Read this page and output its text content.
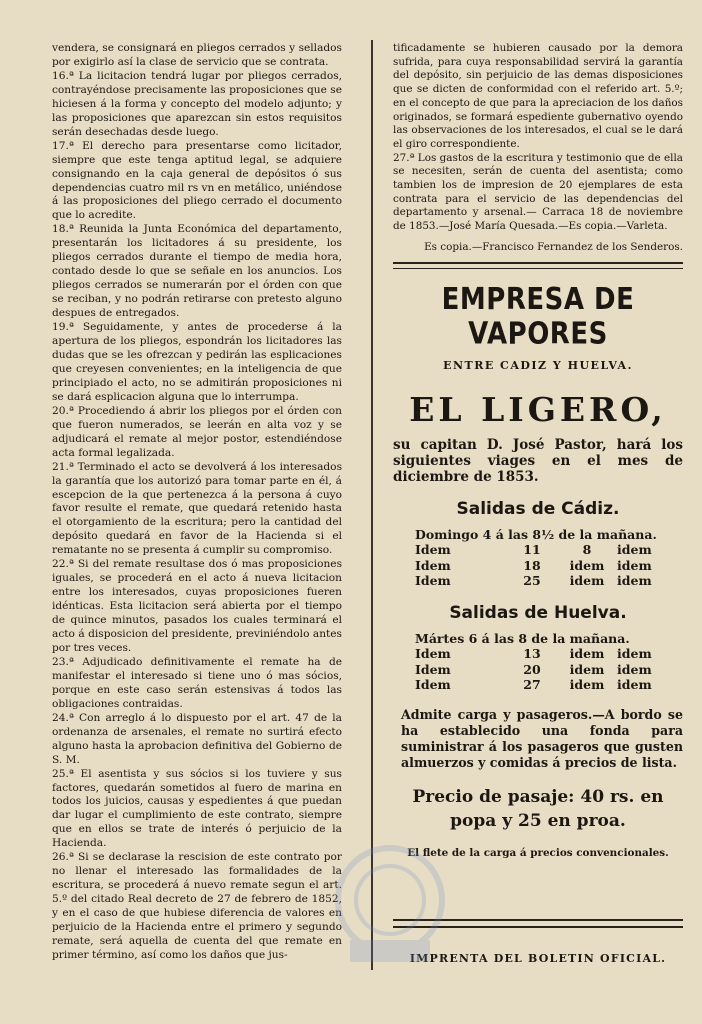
vendera, se consignará en pliegos cerrados y sellados por exigirlo así la clase de servicio que se contrata.

16.ª La licitacion tendrá lugar por pliegos cerrados, contrayéndose precisamente las proposiciones que se hiciesen á la forma y concepto del modelo adjunto; y las proposiciones que aparezcan sin estos requisitos serán desechadas desde luego.

17.ª El derecho para presentarse como licitador, siempre que este tenga aptitud legal, se adquiere consignando en la caja general de depósitos ó sus dependencias cuatro mil rs vn en metálico, uniéndose á las proposiciones del pliego cerrado el documento que lo acredite.

18.ª Reunida la Junta Económica del departamento, presentarán los licitadores á su presidente, los pliegos cerrados durante el tiempo de media hora, contado desde lo que se señale en los anuncios. Los pliegos cerrados se numerarán por el órden con que se reciban, y no podrán retirarse con pretesto alguno despues de entregados.

19.ª Seguidamente, y antes de procederse á la apertura de los pliegos, espondrán los licitadores las dudas que se les ofrezcan y pedirán las esplicaciones que creyesen convenientes; en la inteligencia de que principiado el acto, no se admitirán proposiciones ni se dará esplicacion alguna que lo interrumpa.

20.ª Procediendo á abrir los pliegos por el órden con que fueron numerados, se leerán en alta voz y se adjudicará el remate al mejor postor, estendiéndose acta formal legalizada.

21.ª Terminado el acto se devolverá á los interesados la garantía que los autorizó para tomar parte en él, á escepcion de la que pertenezca á la persona á cuyo favor resulte el remate, que quedará retenido hasta el otorgamiento de la escritura; pero la cantidad del depósito quedará en favor de la Hacienda si el rematante no se presenta á cumplir su compromiso.

22.ª Si del remate resultase dos ó mas proposiciones iguales, se procederá en el acto á nueva licitacion entre los interesados, cuyas proposiciones fueren idénticas. Esta licitacion será abierta por el tiempo de quince minutos, pasados los cuales terminará el acto á disposicion del presidente, previniéndolo antes por tres veces.

23.ª Adjudicado definitivamente el remate ha de manifestar el interesado si tiene uno ó mas sócios, porque en este caso serán estensivas á todos las obligaciones contraidas.

24.ª Con arreglo á lo dispuesto por el art. 47 de la ordenanza de arsenales, el remate no surtirá efecto alguno hasta la aprobacion definitiva del Gobierno de S. M.

25.ª El asentista y sus sócios si los tuviere y sus factores, quedarán sometidos al fuero de marina en todos los juicios, causas y espedientes á que puedan dar lugar el cumplimiento de este contrato, siempre que en ellos se trate de interés ó perjuicio de la Hacienda.

26.ª Si se declarase la rescision de este contrato por no llenar el interesado las formalidades de la escritura, se procederá á nuevo remate segun el art. 5.º del citado Real decreto de 27 de febrero de 1852, y en el caso de que hubiese diferencia de valores en perjuicio de la Hacienda entre el primero y segundo remate, será aquella de cuenta del que remate en primer término, así como los daños que jus-

tificadamente se hubieren causado por la demora sufrida, para cuya responsabilidad servirá la garantía del depósito, sin perjuicio de las demas disposiciones que se dicten de conformidad con el referido art. 5.º; en el concepto de que para la apreciacion de los daños originados, se formará espediente gubernativo oyendo las observaciones de los interesados, el cual se le dará el giro correspondiente.

27.ª Los gastos de la escritura y testimonio que de ella se necesiten, serán de cuenta del asentista; como tambien los de impresion de 20 ejemplares de esta contrata para el servicio de las dependencias del departamento y arsenal.— Carraca 18 de noviembre de 1853.—José María Quesada.—Es copia.—Varleta.

Es copia.—Francisco Fernandez de los Senderos.

EMPRESA DE VAPORES
ENTRE CADIZ Y HUELVA.
EL LIGERO,

su capitan D. José Pastor, hará los siguientes viages en el mes de diciembre de 1853.

Salidas de Cádiz.
Domingo 4 á las 8½ de la mañana.
Idem	11	8	idem
Idem	18	idem	idem
Idem	25	idem	idem
Salidas de Huelva.
Mártes 6 á las 8 de la mañana.
Idem	13	idem	idem
Idem	20	idem	idem
Idem	27	idem	idem

Admite carga y pasageros.—A bordo se ha establecido una fonda para suministrar á los pasageros que gusten almuerzos y comidas á precios de lista.

Precio de pasaje: 40 rs. en
popa y 25 en proa.

El flete de la carga á precios convencionales.

IMPRENTA DEL BOLETIN OFICIAL.
